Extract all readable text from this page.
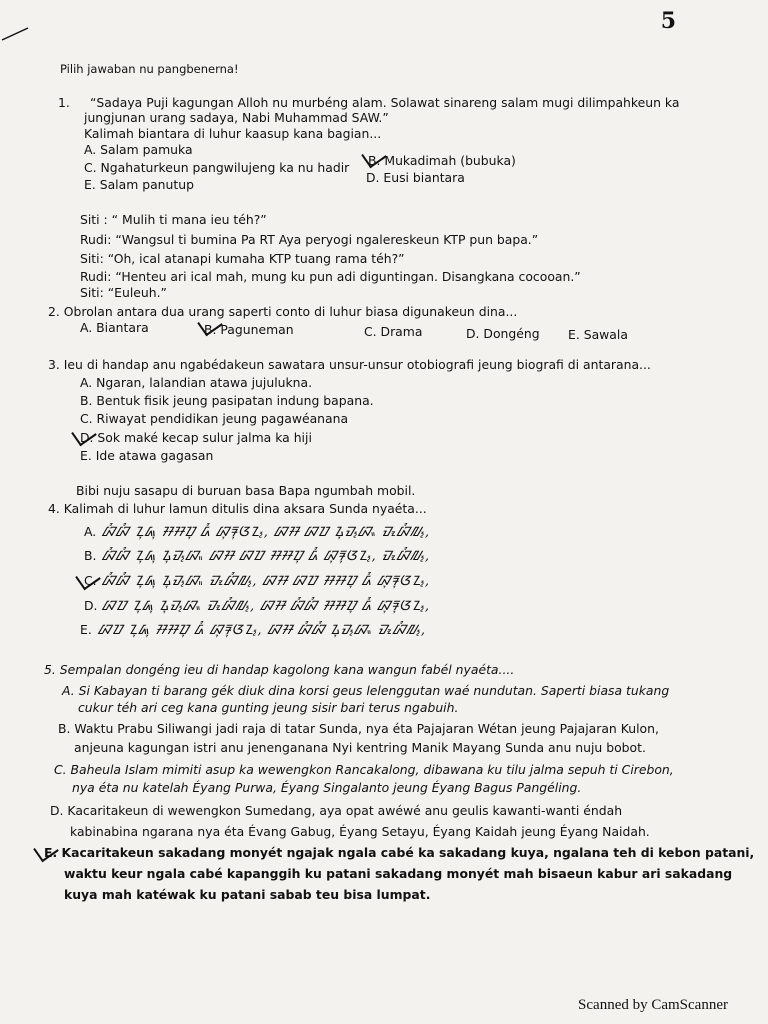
5
Pilih jawaban nu pangbenerna!
1. “Sadaya Puji kagungan Alloh nu murbéng alam. Solawat sinareng salam mugi dilimpahkeun ka
jungjunan urang sadaya, Nabi Muhammad SAW.”
Kalimah biantara di luhur kaasup kana bagian...
A. Salam pamuka
B. Mukadimah (bubuka)
C. Ngahaturkeun pangwilujeng ka nu hadir
D. Eusi biantara
E. Salam panutup
Siti : “ Mulih ti mana ieu téh?”
Rudi: “Wangsul ti bumina Pa RT Aya peryogi ngalereskeun KTP pun bapa.”
Siti: “Oh, ical atanapi kumaha KTP tuang rama téh?”
Rudi: “Henteu ari ical mah, mung ku pun adi diguntingan. Disangkana cocooan.”
Siti: “Euleuh.”
2. Obrolan antara dua urang saperti conto di luhur biasa digunakeun dina...
A. Biantara	B. Paguneman	C. Drama	D. Dongéng E. Sawala
3. Ieu di handap anu ngabédakeun sawatara unsur-unsur otobiografi jeung biografi di antarana...
A. Ngaran, lalandian atawa jujulukna.
B. Bentuk fisik jeung pasipatan indung bapana.
C. Riwayat pendidikan jeung pagawéanana
D. Sok maké kecap sulur jalma ka hiji
E. Ide atawa gagasan
Bibi nuju sasapu di buruan basa Bapa ngumbah mobil.
4. Kalimah di luhur lamun ditulis dina aksara Sunda nyaéta...
A. ᮘᮤᮘᮤ ᮔᮥᮏᮥ ᮞᮞᮕᮥ ᮓᮤ ᮘᮥᮛᮥᮃᮔ᮪, ᮘᮞ ᮘᮕ ᮍᮥᮙ᮪ᮘᮂ ᮙᮧᮘᮤᮜ᮪,
B. ᮘᮤᮘᮤ ᮔᮥᮏᮥ ᮍᮥᮙ᮪ᮘᮂ ᮘᮞ ᮘᮕ ᮞᮞᮕᮥ ᮓᮤ ᮘᮥᮛᮥᮃᮔ᮪, ᮙᮧᮘᮤᮜ᮪,
C. ᮘᮤᮘᮤ ᮔᮥᮏᮥ ᮍᮥᮙ᮪ᮘᮂ ᮙᮧᮘᮤᮜ᮪, ᮘᮞ ᮘᮕ ᮞᮞᮕᮥ ᮓᮤ ᮘᮥᮛᮥᮃᮔ᮪,
D. ᮘᮕ ᮔᮥᮏᮥ ᮍᮥᮙ᮪ᮘᮂ ᮙᮧᮘᮤᮜ᮪, ᮘᮞ ᮘᮤᮘᮤ ᮞᮞᮕᮥ ᮓᮤ ᮘᮥᮛᮥᮃᮔ᮪,
E. ᮘᮕ ᮔᮥᮏᮥ ᮞᮞᮕᮥ ᮓᮤ ᮘᮥᮛᮥᮃᮔ᮪, ᮘᮞ ᮘᮤᮘᮤ ᮍᮥᮙ᮪ᮘᮂ ᮙᮧᮘᮤᮜ᮪,
5. Sempalan dongéng ieu di handap kagolong kana wangun fabél nyaéta....
A. Si Kabayan ti barang gék diuk dina korsi geus lelenggutan waé nundutan. Saperti biasa tukang
cukur téh ari ceg kana gunting jeung sisir bari terus ngabuih.
B. Waktu Prabu Siliwangi jadi raja di tatar Sunda, nya éta Pajajaran Wétan jeung Pajajaran Kulon,
anjeuna kagungan istri anu jenenganana Nyi kentring Manik Mayang Sunda anu nuju bobot.
C. Baheula Islam mimiti asup ka wewengkon Rancakalong, dibawana ku tilu jalma sepuh ti Cirebon,
nya éta nu katelah Éyang Purwa, Éyang Singalanto jeung Éyang Bagus Pangéling.
D. Kacaritakeun di wewengkon Sumedang, aya opat awéwé anu geulis kawanti-wanti éndah
kabinabina ngarana nya éta Évang Gabug, Éyang Setayu, Éyang Kaidah jeung Éyang Naidah.
E. Kacaritakeun sakadang monyét ngajak ngala cabé ka sakadang kuya, ngalana teh di kebon patani,
waktu keur ngala cabé kapanggih ku patani sakadang monyét mah bisaeun kabur ari sakadang
kuya mah katéwak ku patani sabab teu bisa lumpat.
Scanned by CamScanner
